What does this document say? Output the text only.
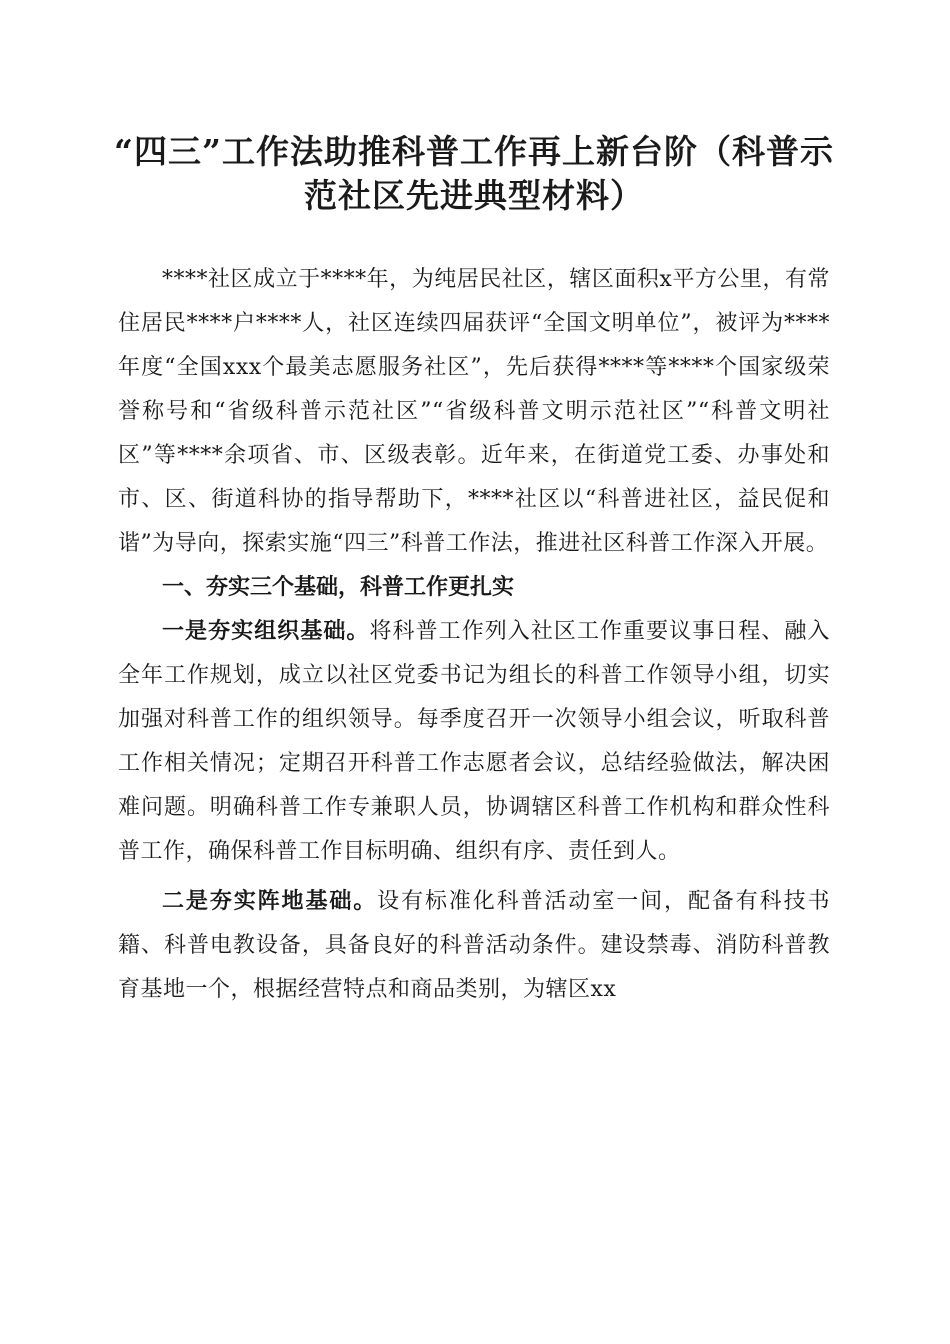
“四三”工作法助推科普工作再上新台阶（科普示范社区先进典型材料）

****社区成立于****年，为纯居民社区，辖区面积x平方公里，有常住居民****户****人，社区连续四届获评“全国文明单位”，被评为****年度“全国xxx个最美志愿服务社区”，先后获得****等****个国家级荣誉称号和“省级科普示范社区”“省级科普文明示范社区”“科普文明社区”等****余项省、市、区级表彰。近年来，在街道党工委、办事处和市、区、街道科协的指导帮助下，****社区以“科普进社区，益民促和谐”为导向，探索实施“四三”科普工作法，推进社区科普工作深入开展。

一、夯实三个基础，科普工作更扎实

一是夯实组织基础。将科普工作列入社区工作重要议事日程、融入全年工作规划，成立以社区党委书记为组长的科普工作领导小组，切实加强对科普工作的组织领导。每季度召开一次领导小组会议，听取科普工作相关情况；定期召开科普工作志愿者会议，总结经验做法，解决困难问题。明确科普工作专兼职人员，协调辖区科普工作机构和群众性科普工作，确保科普工作目标明确、组织有序、责任到人。

二是夯实阵地基础。设有标准化科普活动室一间，配备有科技书籍、科普电教设备，具备良好的科普活动条件。建设禁毒、消防科普教育基地一个，根据经营特点和商品类别，为辖区xx
